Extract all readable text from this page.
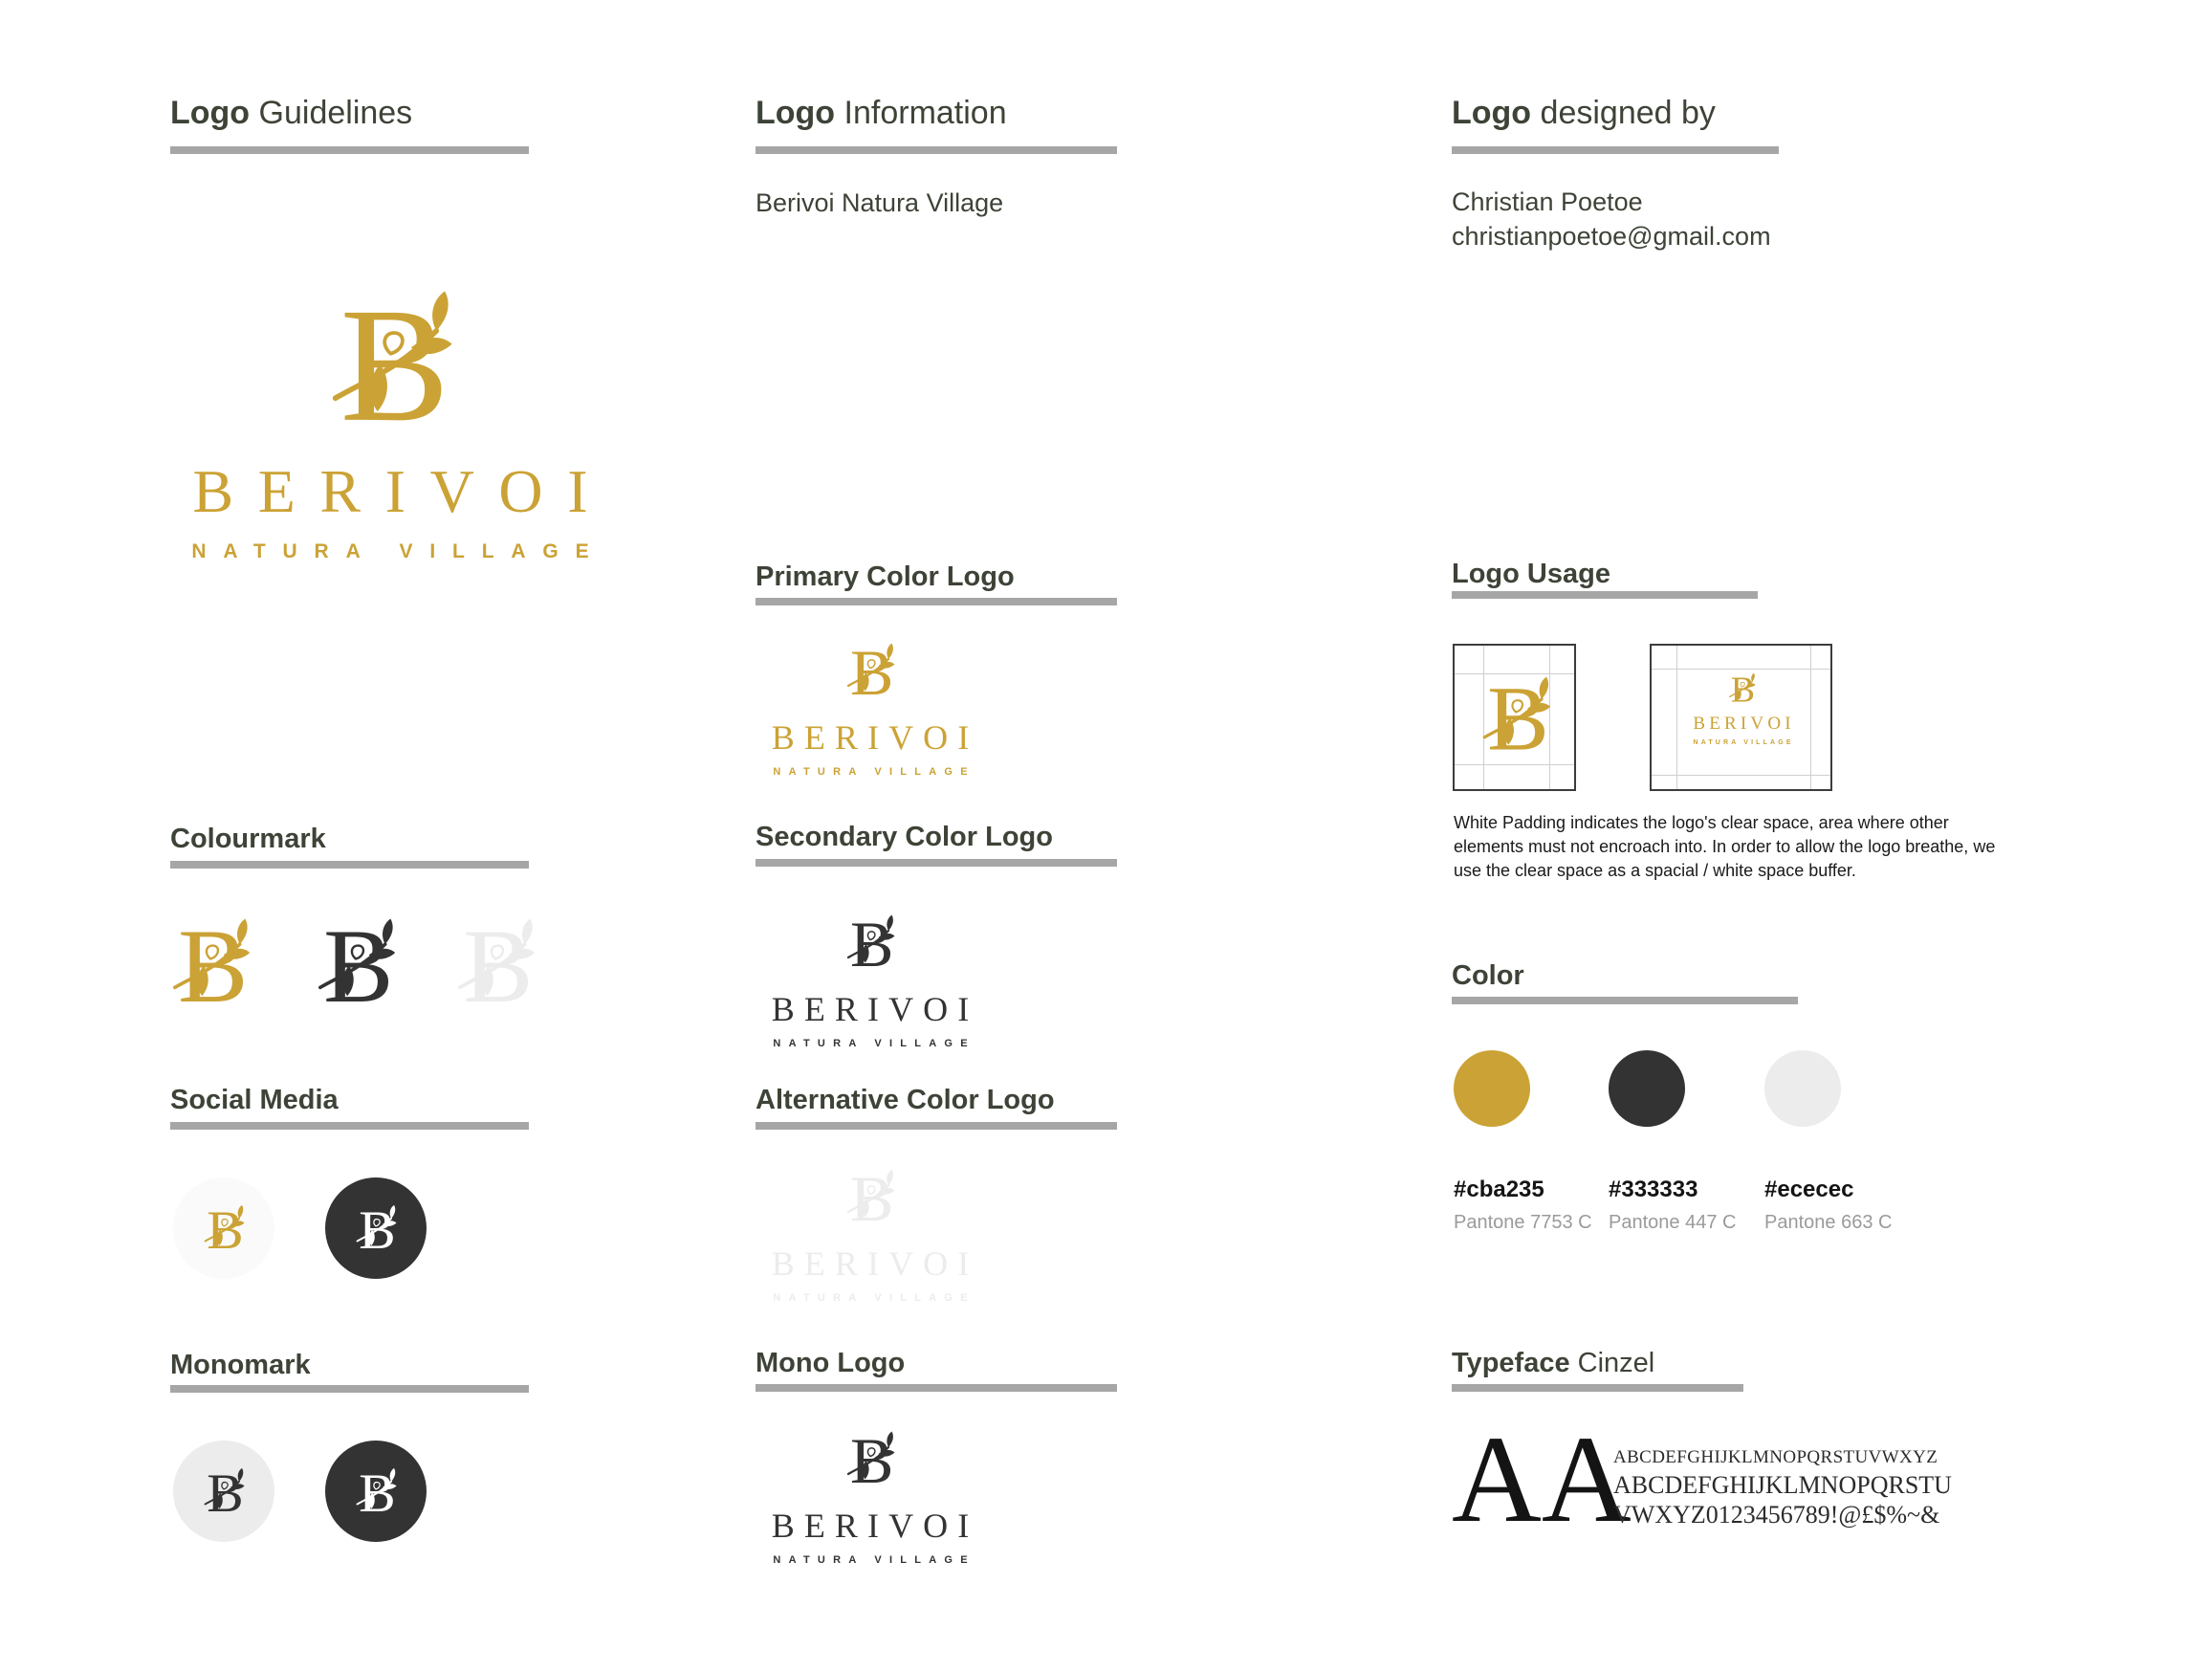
Logo Guidelines
BERIVOI
NATURA VILLAGE
Colourmark
Social Media
Monomark
Logo Information
Berivoi Natura Village
Primary Color Logo
BERIVOI
NATURA VILLAGE
Secondary Color Logo
BERIVOI
NATURA VILLAGE
Alternative Color Logo
BERIVOI
NATURA VILLAGE
Mono Logo
BERIVOI
NATURA VILLAGE
Logo designed by
Christian Poetoe
christianpoetoe@gmail.com
Logo Usage
BERIVOI
NATURA VILLAGE
White Padding indicates the logo's clear space, area where other elements must not encroach into. In order to allow the logo breathe, we use the clear space as a spacial / white space buffer.
Color
#cba235
Pantone 7753 C
#333333
Pantone 447 C
#ececec
Pantone 663 C
Typeface Cinzel
AA
ABCDEFGHIJKLMNOPQRSTUVWXYZ
ABCDEFGHIJKLMNOPQRSTU
VWXYZ0123456789!@£$%~&
